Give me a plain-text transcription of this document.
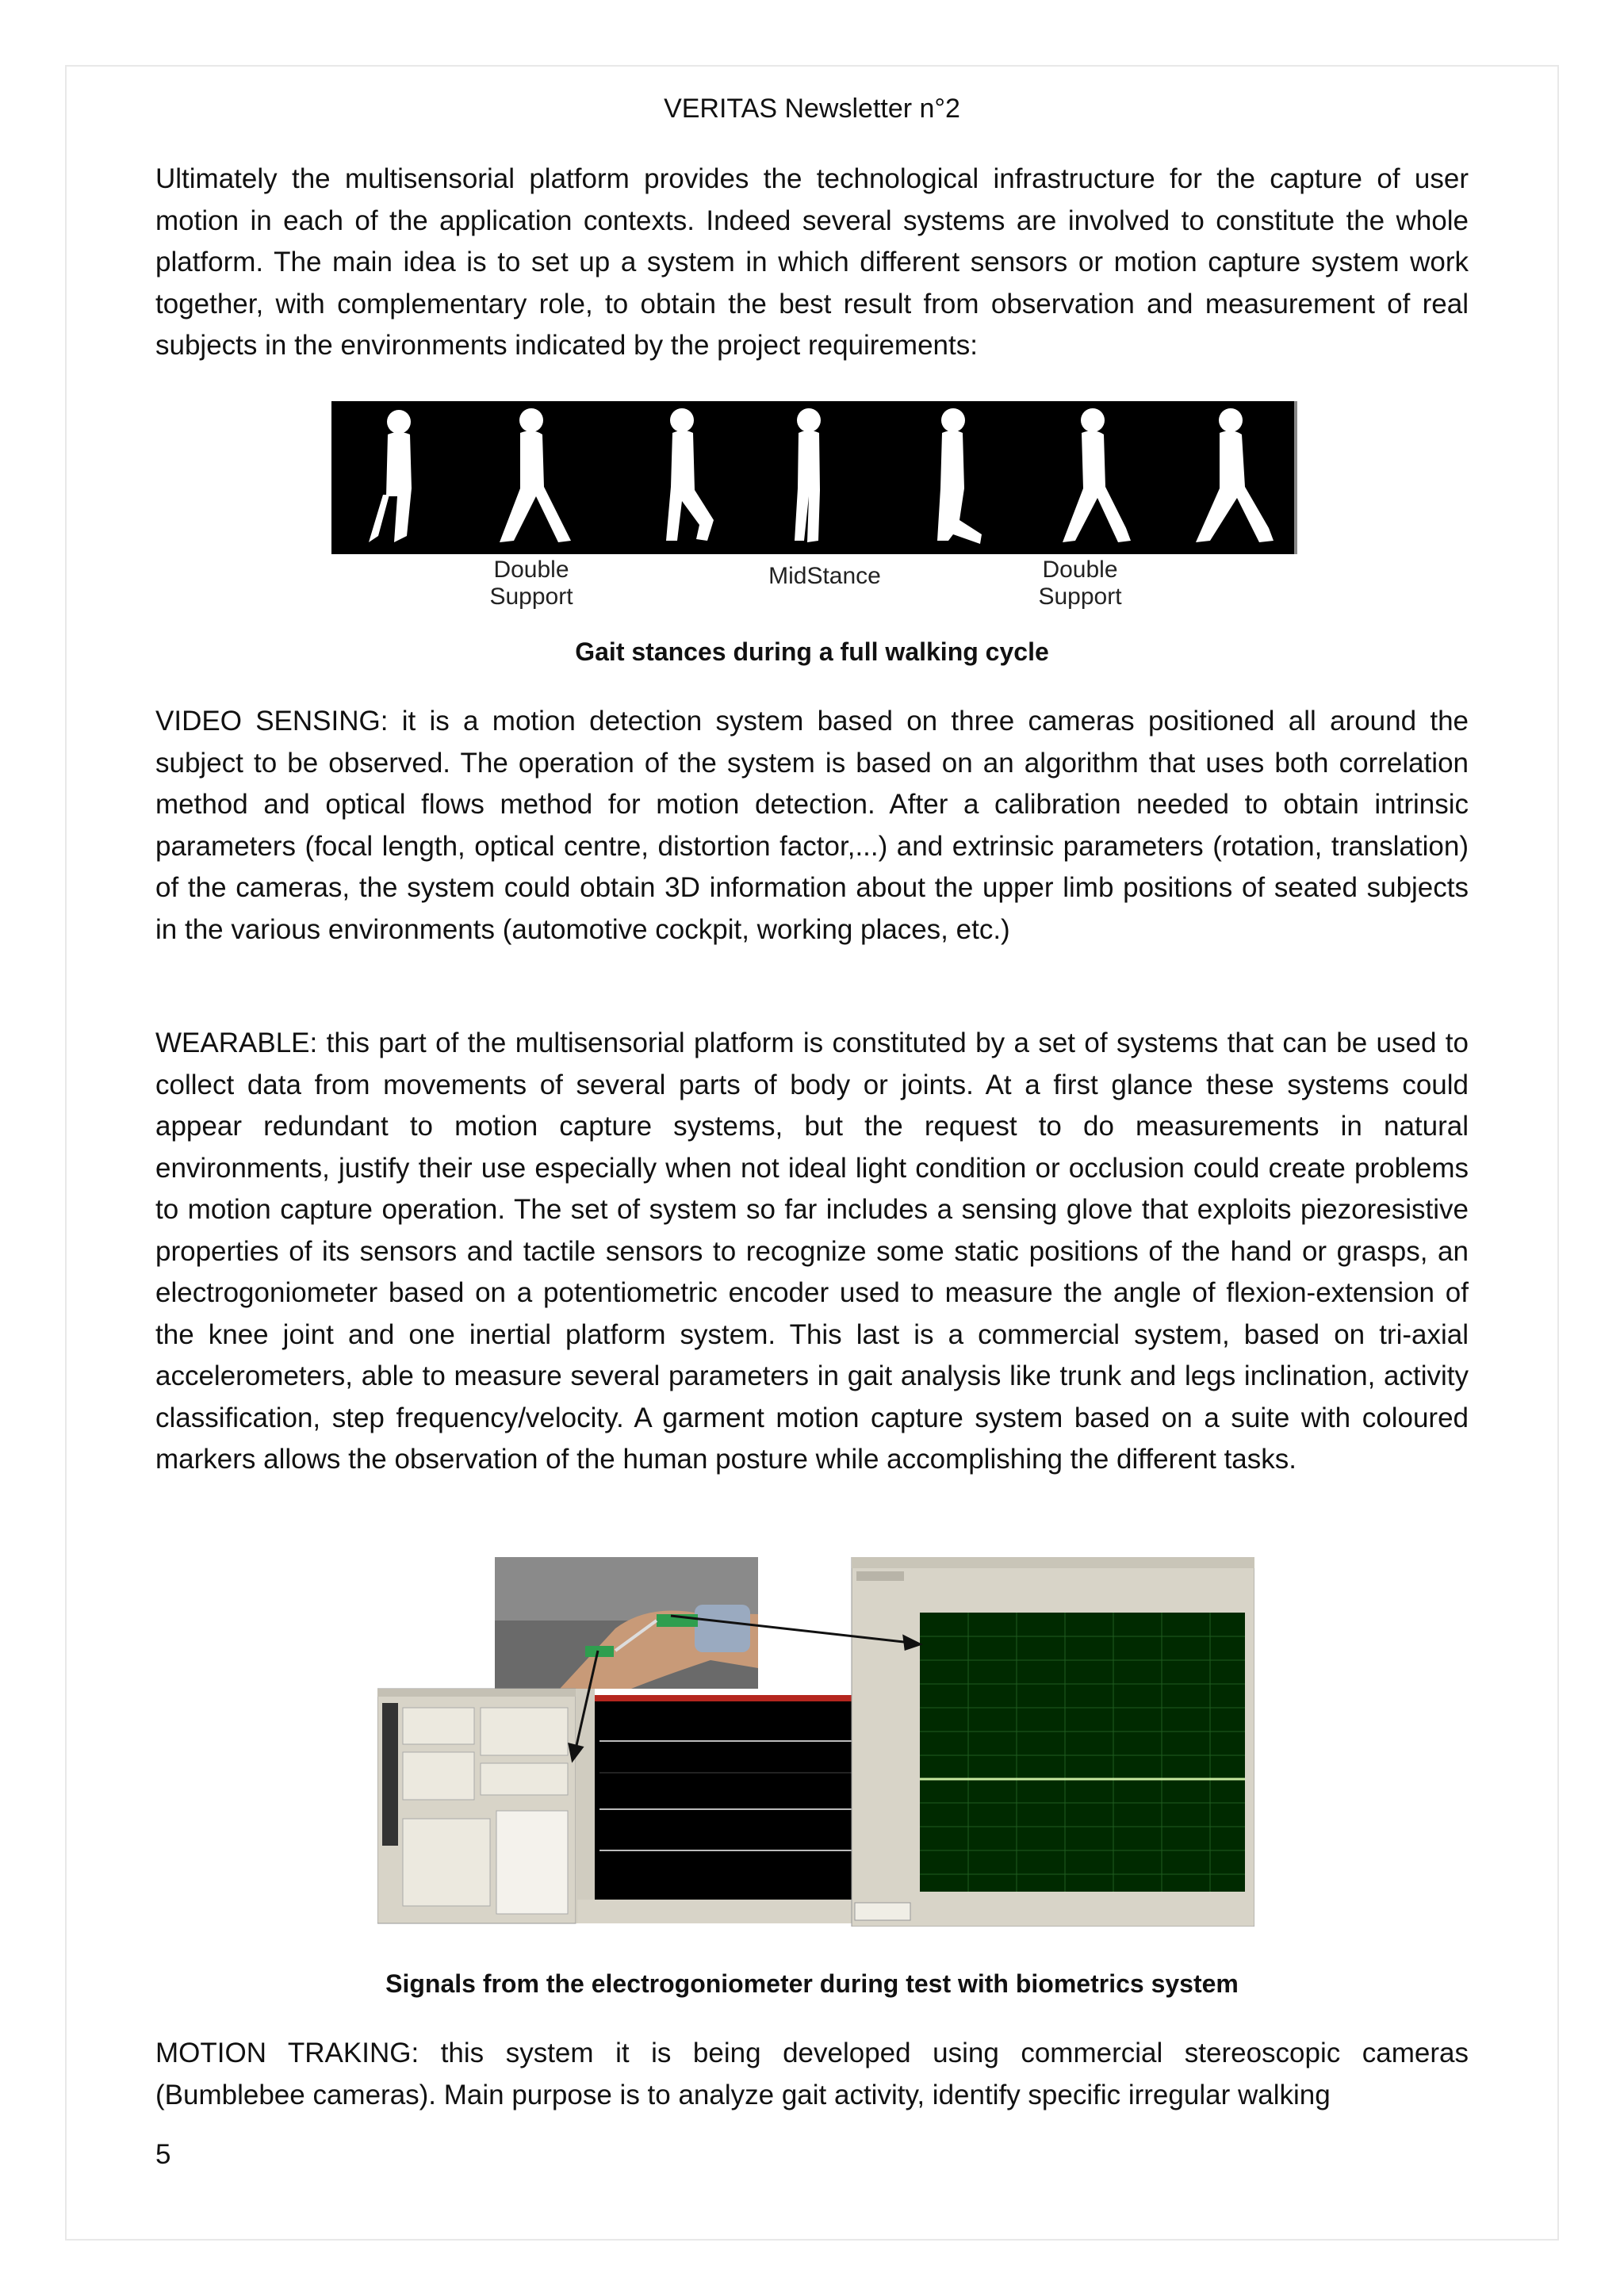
VERITAS Newsletter n°2

Ultimately the multisensorial platform provides the technological infrastructure for the capture of user motion in each of the application contexts. Indeed several systems are involved to constitute the whole platform. The main idea is to set up a system in which different sensors or motion capture system work together, with complementary role, to obtain the best result from observation and measurement of real subjects in the environments indicated by the project requirements:

Double Support
MidStance	Double Support
Gait stances during a full walking cycle

VIDEO SENSING: it is a motion detection system based on three cameras positioned all around the subject to be observed. The operation of the system is based on an algorithm that uses both correlation method and optical flows method for motion detection. After a calibration needed to obtain intrinsic parameters (focal length, optical centre, distortion factor,...) and extrinsic parameters (rotation, translation) of the cameras, the system could obtain 3D information about the upper limb positions of seated subjects in the various environments (automotive cockpit, working places, etc.)

WEARABLE: this part of the multisensorial platform is constituted by a set of systems that can be used to collect data from movements of several parts of body or joints. At a first glance these systems could appear redundant to motion capture systems, but the request to do measurements in natural environments, justify their use especially when not ideal light condition or occlusion could create problems to motion capture operation. The set of system so far includes a sensing glove that exploits piezoresistive properties of its sensors and tactile sensors to recognize some static positions of the hand or grasps, an electrogoniometer based on a potentiometric encoder used to measure the angle of flexion-extension of the knee joint and one inertial platform system. This last is a commercial system, based on tri-axial accelerometers, able to measure several parameters in gait analysis like trunk and legs inclination, activity classification, step frequency/velocity. A garment motion capture system based on a suite with coloured markers allows the observation of the human posture while accomplishing the different tasks.

Signals from the electrogoniometer during test with biometrics system

MOTION TRAKING: this system it is being developed using commercial stereoscopic cameras (Bumblebee cameras). Main purpose is to analyze gait activity, identify specific irregular walking

5
